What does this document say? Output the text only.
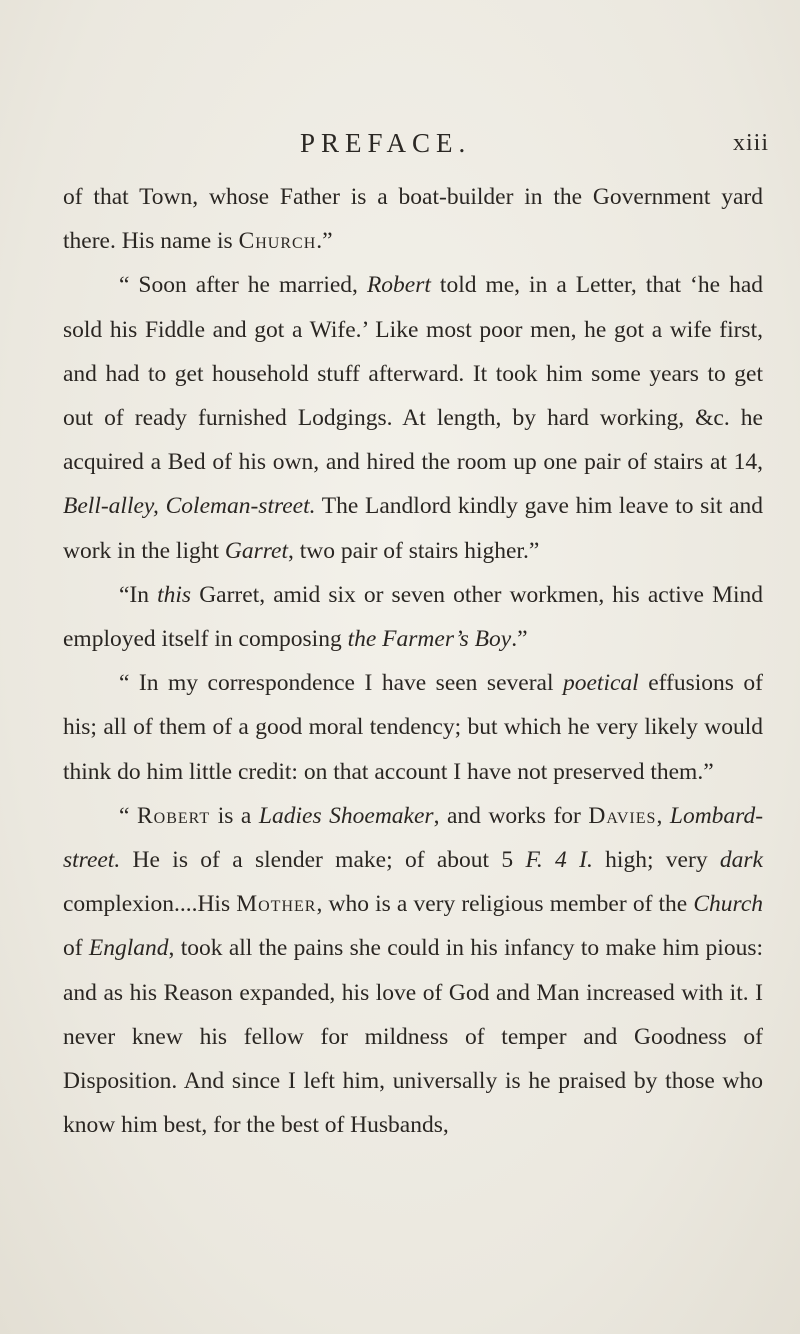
PREFACE.	xiii

of that Town, whose Father is a boat-builder in the Government yard there. His name is Church.”

“ Soon after he married, Robert told me, in a Letter, that ‘he had sold his Fiddle and got a Wife.’ Like most poor men, he got a wife first, and had to get household stuff afterward. It took him some years to get out of ready furnished Lodgings. At length, by hard working, &c. he acquired a Bed of his own, and hired the room up one pair of stairs at 14, Bell-alley, Coleman-street. The Landlord kindly gave him leave to sit and work in the light Garret, two pair of stairs higher.”

“In this Garret, amid six or seven other workmen, his active Mind employed itself in composing the Farmer’s Boy.”

“ In my correspondence I have seen several poetical effusions of his; all of them of a good moral tendency; but which he very likely would think do him little credit: on that account I have not preserved them.”

“ Robert is a Ladies Shoemaker, and works for Davies, Lombard-street. He is of a slender make; of about 5 F. 4 I. high; very dark complexion....His Mother, who is a very religious member of the Church of England, took all the pains she could in his infancy to make him pious: and as his Reason expanded, his love of God and Man increased with it. I never knew his fellow for mildness of temper and Goodness of Disposition. And since I left him, universally is he praised by those who know him best, for the best of Husbands,
